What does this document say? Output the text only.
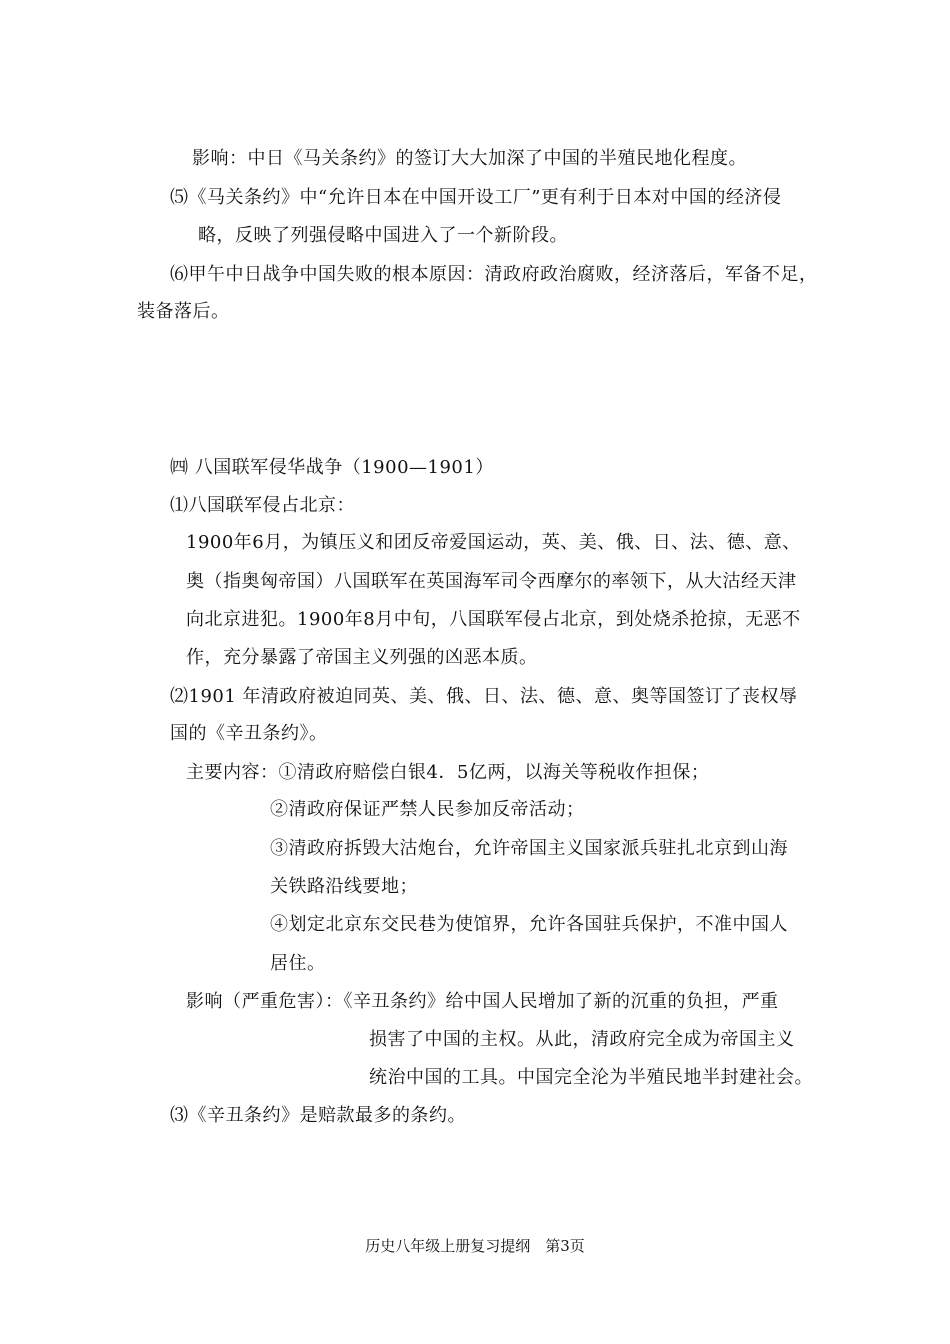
影响：中日《马关条约》的签订大大加深了中国的半殖民地化程度。
⑸《马关条约》中“允许日本在中国开设工厂”更有利于日本对中国的经济侵
略，反映了列强侵略中国进入了一个新阶段。
⑹甲午中日战争中国失败的根本原因：清政府政治腐败，经济落后，军备不足，
装备落后。
㈣ 八国联军侵华战争（1900—1901）
⑴八国联军侵占北京：
1900年6月，为镇压义和团反帝爱国运动，英、美、俄、日、法、德、意、
奥（指奥匈帝国）八国联军在英国海军司令西摩尔的率领下，从大沽经天津
向北京进犯。1900年8月中旬，八国联军侵占北京，到处烧杀抢掠，无恶不
作，充分暴露了帝国主义列强的凶恶本质。
⑵1901 年清政府被迫同英、美、俄、日、法、德、意、奥等国签订了丧权辱
国的《辛丑条约》。
主要内容：①清政府赔偿白银4．5亿两，以海关等税收作担保；
②清政府保证严禁人民参加反帝活动；
③清政府拆毁大沽炮台，允许帝国主义国家派兵驻扎北京到山海
关铁路沿线要地；
④划定北京东交民巷为使馆界，允许各国驻兵保护，不准中国人
居住。
影响（严重危害）：《辛丑条约》给中国人民增加了新的沉重的负担，严重
损害了中国的主权。从此，清政府完全成为帝国主义
统治中国的工具。中国完全沦为半殖民地半封建社会。
⑶《辛丑条约》是赔款最多的条约。
历史八年级上册复习提纲　第3页
